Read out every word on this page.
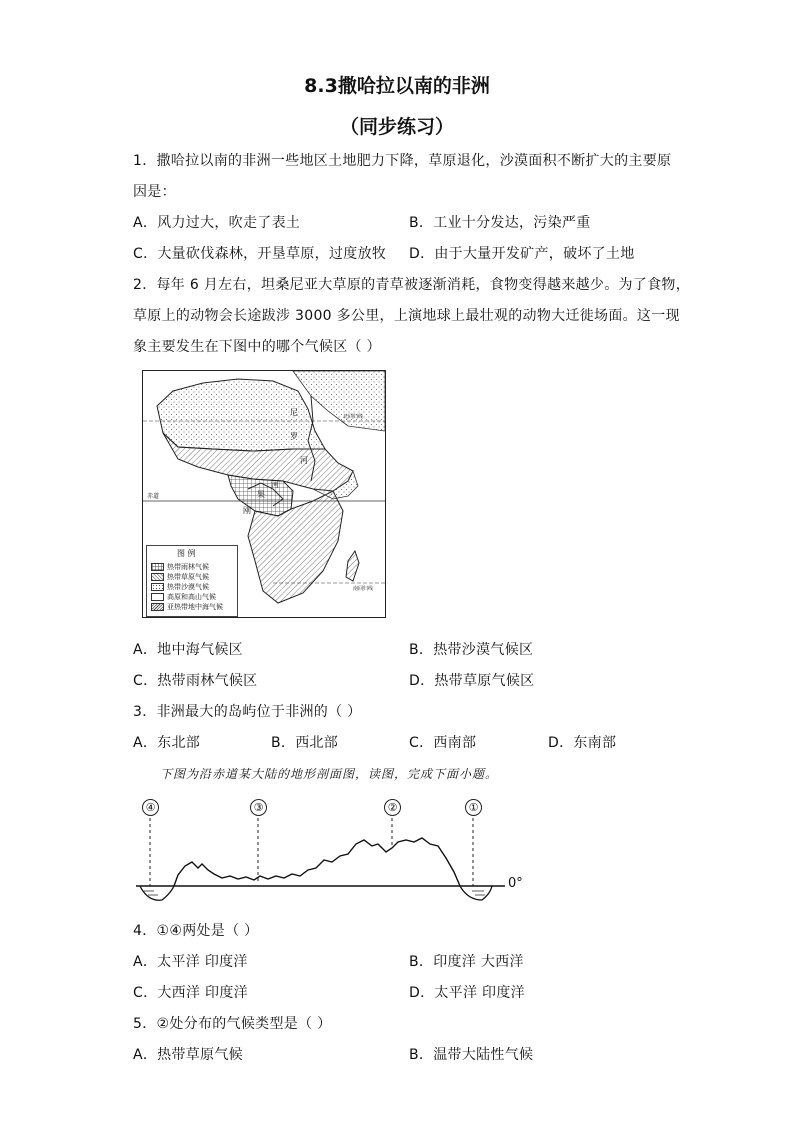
8.3撒哈拉以南的非洲
（同步练习）
1．撒哈拉以南的非洲一些地区土地肥力下降，草原退化，沙漠面积不断扩大的主要原
因是：
A．风力过大，吹走了表土	B．工业十分发达，污染严重
C．大量砍伐森林，开垦草原，过度放牧 D．由于大量开发矿产，破坏了土地
2．每年 6 月左右，坦桑尼亚大草原的青草被逐渐消耗，食物变得越来越少。为了食物，
草原上的动物会长途跋涉 3000 多公里，上演地球上最壮观的动物大迁徙场面。这一现
象主要发生在下图中的哪个气候区（ ）
尼
罗
河
刚
果
河
赤道
北回归线
南回归线
图 例
热带雨林气候
热带草原气候
热带沙漠气候
高原和高山气候
亚热带地中海气候
A．地中海气候区	B．热带沙漠气候区
C．热带雨林气候区	D．热带草原气候区
3．非洲最大的岛屿位于非洲的（ ）
A．东北部	B．西北部	C．西南部	D．东南部
下图为沿赤道某大陆的地形剖面图，读图，完成下面小题。
④	③	②	①
0°
4．①④两处是（ ）
A．太平洋 印度洋	B．印度洋 大西洋
C．大西洋 印度洋	D．太平洋 印度洋
5．②处分布的气候类型是（ ）
A．热带草原气候	B．温带大陆性气候
